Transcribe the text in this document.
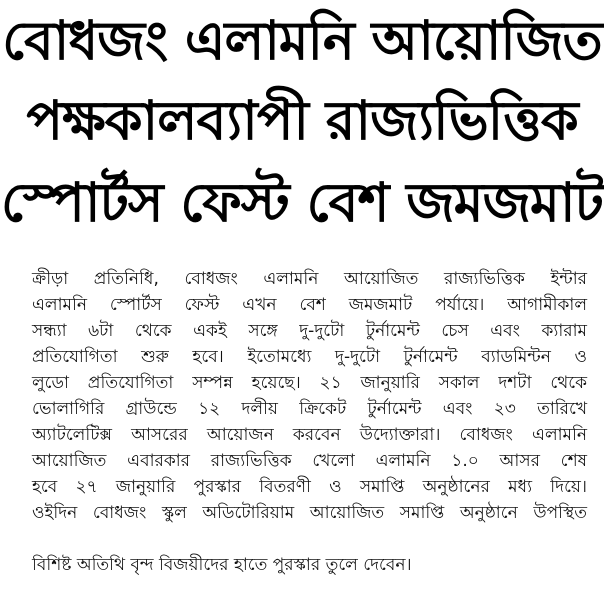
বোধজং এলামনি আয়োজিত
পক্ষকালব্যাপী রাজ্যভিত্তিক
স্পোর্টস ফেস্ট বেশ জমজমাট
ক্রীড়া প্রতিনিধি, বোধজং এলামনি আয়োজিত রাজ্যভিত্তিক ইন্টার
এলামনি স্পোর্টস ফেস্ট এখন বেশ জমজমাট পর্যায়ে। আগামীকাল
সন্ধ্যা ৬টা থেকে একই সঙ্গে দু-দুটো টুর্নামেন্ট চেস এবং ক্যারাম
প্রতিযোগিতা শুরু হবে। ইতোমধ্যে দু-দুটো টুর্নামেন্ট ব্যাডমিন্টন ও
লুডো প্রতিযোগিতা সম্পন্ন হয়েছে। ২১ জানুয়ারি সকাল দশটা থেকে
ভোলাগিরি গ্রাউন্ডে ১২ দলীয় ক্রিকেট টুর্নামেন্ট এবং ২৩ তারিখে
অ্যাটলেটিক্স আসরের আয়োজন করবেন উদ্যোক্তারা। বোধজং এলামনি
আয়োজিত এবারকার রাজ্যভিত্তিক খেলো এলামনি ১.০ আসর শেষ
হবে ২৭ জানুয়ারি পুরস্কার বিতরণী ও সমাপ্তি অনুষ্ঠানের মধ্য দিয়ে।
ওইদিন বোধজং স্কুল অডিটোরিয়াম আয়োজিত সমাপ্তি অনুষ্ঠানে উপস্থিত
বিশিষ্ট অতিথি বৃন্দ বিজয়ীদের হাতে পুরস্কার তুলে দেবেন।
